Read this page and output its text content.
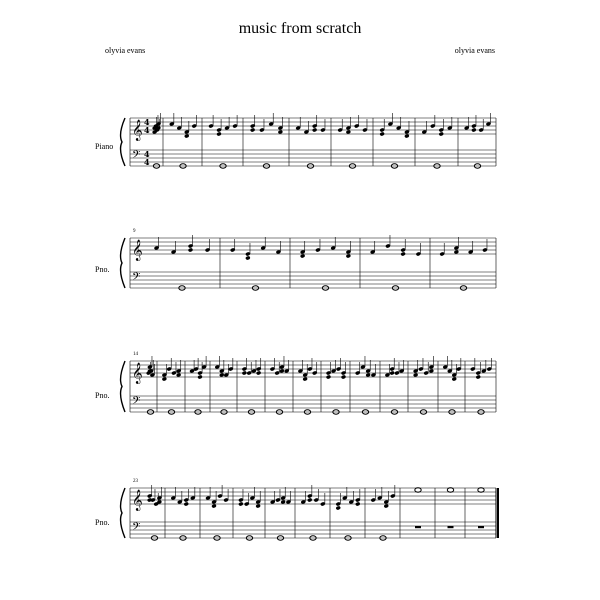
music from scratch
olyvia evans	olyvia evans
Piano
Pno.
Pno.
Pno.
9
14
23
𝄞
𝄢
4
4
4
4
𝄞
𝄢
𝄞
𝄢
𝄞
𝄢
